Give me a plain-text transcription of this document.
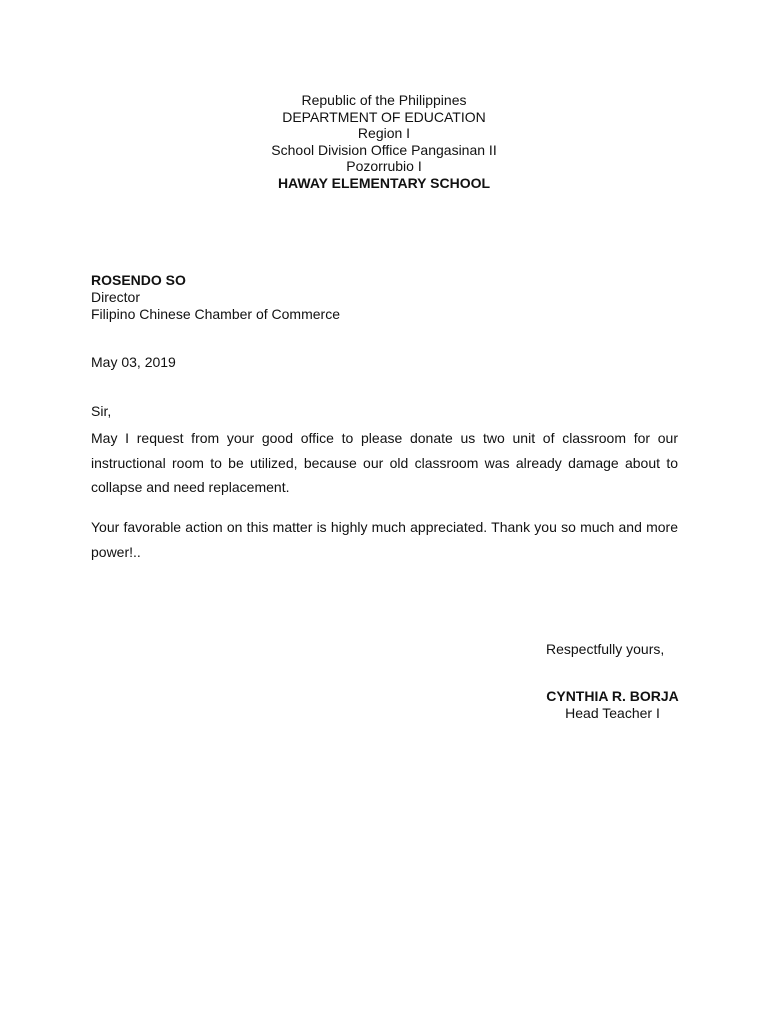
Republic of the Philippines
DEPARTMENT OF EDUCATION
Region I
School Division Office Pangasinan II
Pozorrubio I
HAWAY ELEMENTARY SCHOOL
ROSENDO SO
Director
Filipino Chinese Chamber of Commerce
May 03, 2019
Sir,
May I request from your good office to please donate us two unit of classroom for our instructional room to be utilized, because our old classroom was already damage about to collapse and need replacement.
Your favorable action on this matter is highly much appreciated. Thank you so much and more power!..
Respectfully yours,
CYNTHIA R. BORJA
Head Teacher I
